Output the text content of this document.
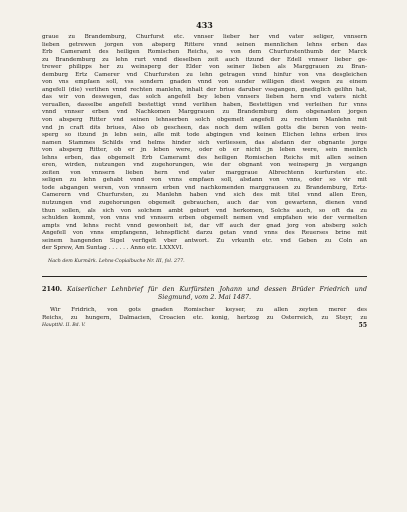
433
graue zu Brandemburg, Churfurst etc. vnnser lieber her vnd vater seliger, vnnsern
lieben getrewen jorgen von absperg Rittere vnnd seinen mennlichen lehns erben das
Erb Cameramt des heiligen Romischen Reichs, so von dem Churfurstenthumb der Marck
zu Brandemburg zu lehn rurt vnnd dieselben zeit auch itzund der Edell vnnser lieber ge-
trewer philipps her zu weinsperg der Elder von seiner lieben als Marggrauen zu Bran-
demburg Ertz Camerer vnd Churfursten zu lehn getragen vnnd hinfur von vns desgleichen
von vns empfaen soll, vss sondern gnaden vnnd von sunder willigen diest wegen zu einem
angefell (die) verlihen vnnd rechten manlehn, inhalt der briue daruber vssgangen, gnediglich gelihn hat,
das wir von deswegen, das solch angefell bey leben vnnsers lieben hern vnd vaters nicht
veruallen, dasselbe angefell bestettigt vnnd verlihen haben, Bestettigen vnd verleihen fur vnns
vnnd vnnser erben vnd Nachkomen Marggrauen zu Brandemburg dem obgenanten jorgen
von absperg Ritter vnd seinen lehnserben solch obgemelt angefell zu rechtem Manlehn mit
vnd jn craft dits briues, Also ob gescheen, das noch dem willen gotts die beren von wein-
sperg so itzund jn lebn sein, alle mit tode abgingen vnd keinen Elichen lehns erben ires
namen Stammes Schilds vnd helms hinder sich verliessen, das alsdann der obgnante jorge
von absperg Ritter, ob er jn leben were, oder ob er nicht jn leben were, sein menlich
lehns erben, das obgemelt Erb Cameramt des heiligen Romischen Reichs mit allen seinen
eren, wirden, nutzungen vnd zugehorungen, wie der obgnant von weinsperg jn vergangn
zeiten von vnnsern lieben hern vnd vater marggraue Albrechtenn kurfursten etc.
seligen zu lehn gehabt vnnd von vnns empfaen soll, alsdann von vnns, oder so vir mit
tode abgangen weren, von vnnsern erben vnd nachkomenden marggraueen zu Brandemburg, Ertz-
Camerern vnd Churfursten, zu Manlehn haben vnd sich des mit titel vnnd allen Eren,
nutzungen vnd zugehorungen obgemelt gebrauchen, auch dar von gewartenn, dienen vnnd
thun sollen, als sich von solchem ambt geburt vnd herkomen, Solchs auch, so oft da zu
schulden kommt, von vnns vnd vnnsern erben obgemelt nemen vnd empfahen wie der vermelten
ampts vnd lehns recht vnnd gewonheit ist, dar vff auch der gnad jorg von absberg solch
Angefell von vnns empfangenn, lehnspflicht darzu getan vnnd vnns des Reuerses brine mit
seinem hangenden Sigel verfigelt vber antwort. Zu vrkunth etc. vnd Geben zu Coln an
der Sprew, Am Suntag . . . . . . Anno etc. LXXXVI.
Nach dem Kurmärk. Lehns-Copialbuche Nr. III, fol. 277.
2140. Kaiserlicher Lehnbrief für den Kurfürsten Johann und dessen Brüder Friedrich und
Siegmund, vom 2. Mai 1487.
Wir Fridrich, von gots gnaden Romischer keyser, zu allen zeyten merer des
Reichs, zu hungern, Dalmacien, Croacien etc. konig, hertzog zu Osterreich, zu Steyr, zu
Hauptthl. II. Bd. V.	55
